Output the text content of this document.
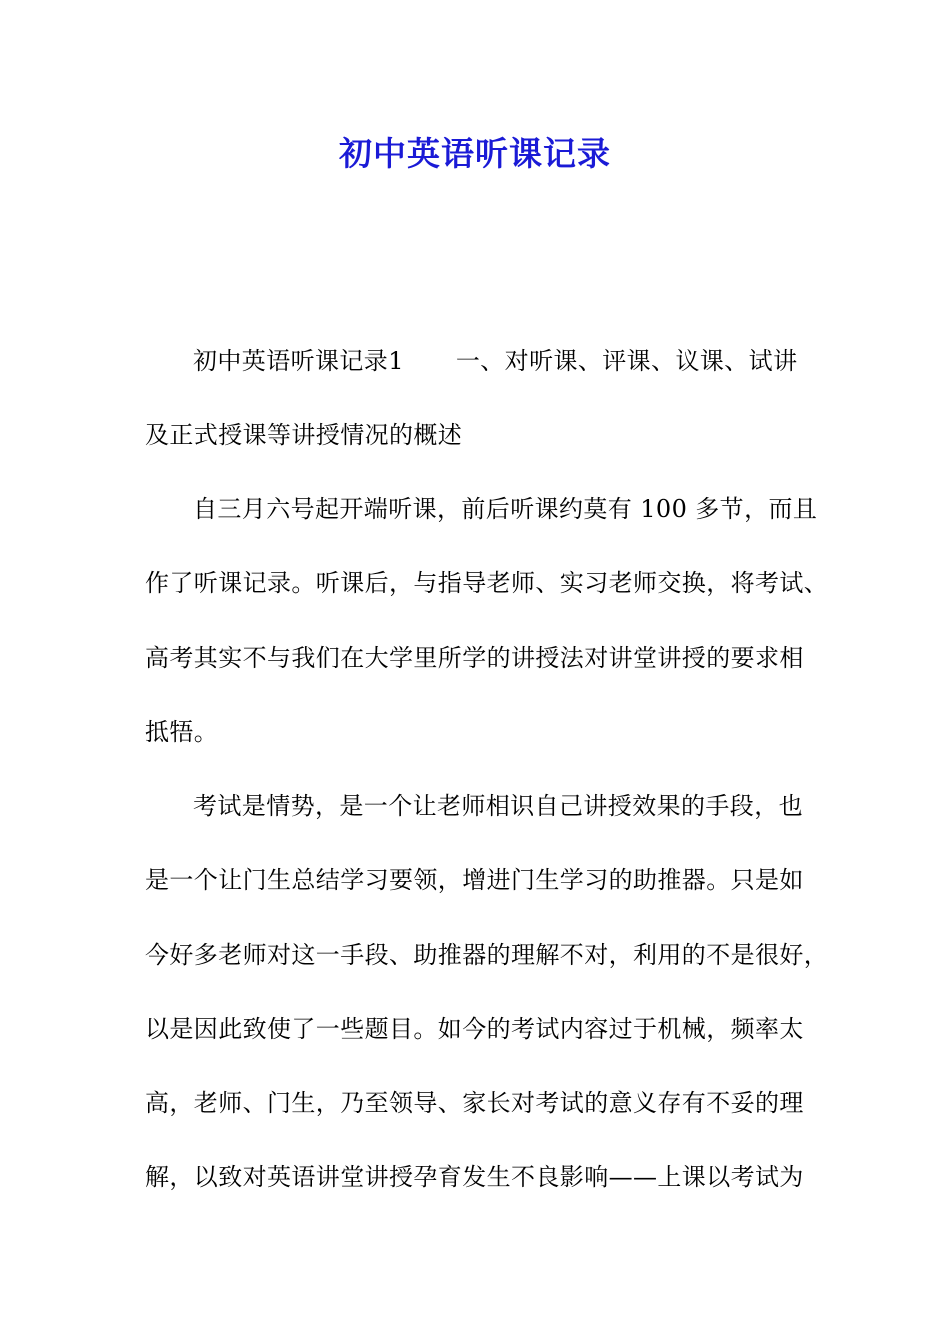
初中英语听课记录
初中英语听课记录1 一、对听课、评课、议课、试讲
及正式授课等讲授情况的概述
自三月六号起开端听课，前后听课约莫有 100 多节，而且
作了听课记录。听课后，与指导老师、实习老师交换，将考试、
高考其实不与我们在大学里所学的讲授法对讲堂讲授的要求相
抵牾。
考试是情势，是一个让老师相识自己讲授效果的手段，也
是一个让门生总结学习要领，增进门生学习的助推器。只是如
今好多老师对这一手段、助推器的理解不对，利用的不是很好，
以是因此致使了一些题目。如今的考试内容过于机械，频率太
高，老师、门生，乃至领导、家长对考试的意义存有不妥的理
解，以致对英语讲堂讲授孕育发生不良影响——上课以考试为
